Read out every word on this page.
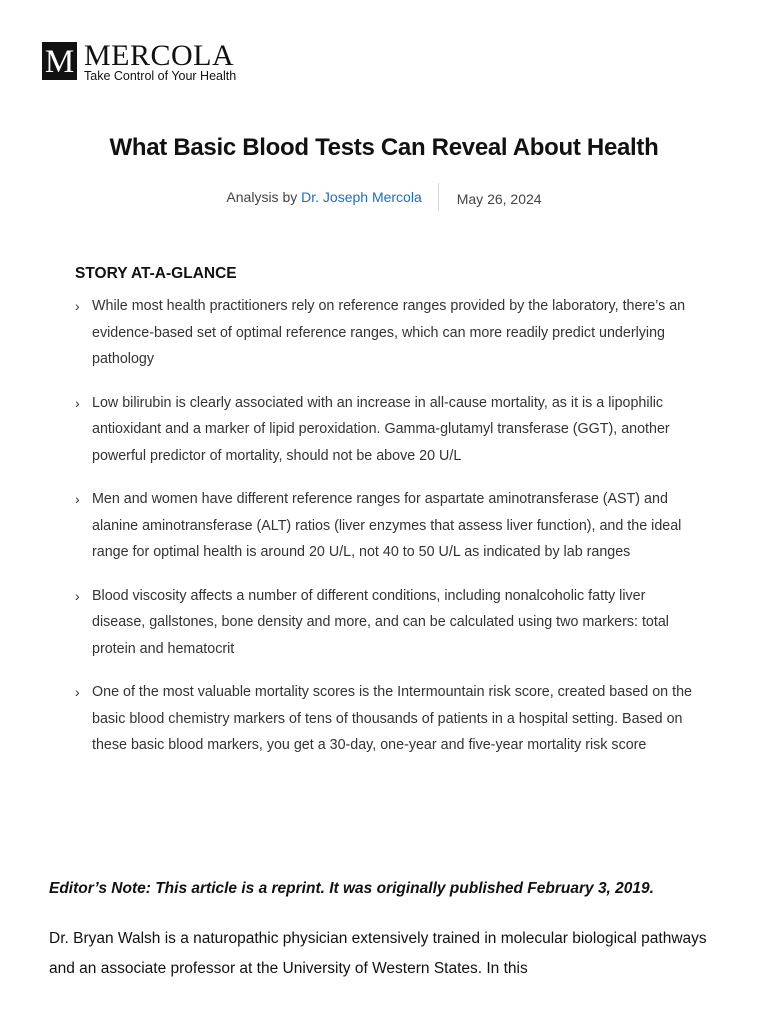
M MERCOLA
Take Control of Your Health
What Basic Blood Tests Can Reveal About Health
Analysis by Dr. Joseph Mercola	May 26, 2024
STORY AT-A-GLANCE
› While most health practitioners rely on reference ranges provided by the laboratory, there’s an evidence-based set of optimal reference ranges, which can more readily predict underlying pathology
› Low bilirubin is clearly associated with an increase in all-cause mortality, as it is a lipophilic antioxidant and a marker of lipid peroxidation. Gamma-glutamyl transferase (GGT), another powerful predictor of mortality, should not be above 20 U/L
› Men and women have different reference ranges for aspartate aminotransferase (AST) and alanine aminotransferase (ALT) ratios (liver enzymes that assess liver function), and the ideal range for optimal health is around 20 U/L, not 40 to 50 U/L as indicated by lab ranges
› Blood viscosity affects a number of different conditions, including nonalcoholic fatty liver disease, gallstones, bone density and more, and can be calculated using two markers: total protein and hematocrit
› One of the most valuable mortality scores is the Intermountain risk score, created based on the basic blood chemistry markers of tens of thousands of patients in a hospital setting. Based on these basic blood markers, you get a 30-day, one-year and five-year mortality risk score

Editor’s Note: This article is a reprint. It was originally published February 3, 2019.

Dr. Bryan Walsh is a naturopathic physician extensively trained in molecular biological pathways and an associate professor at the University of Western States. In this
